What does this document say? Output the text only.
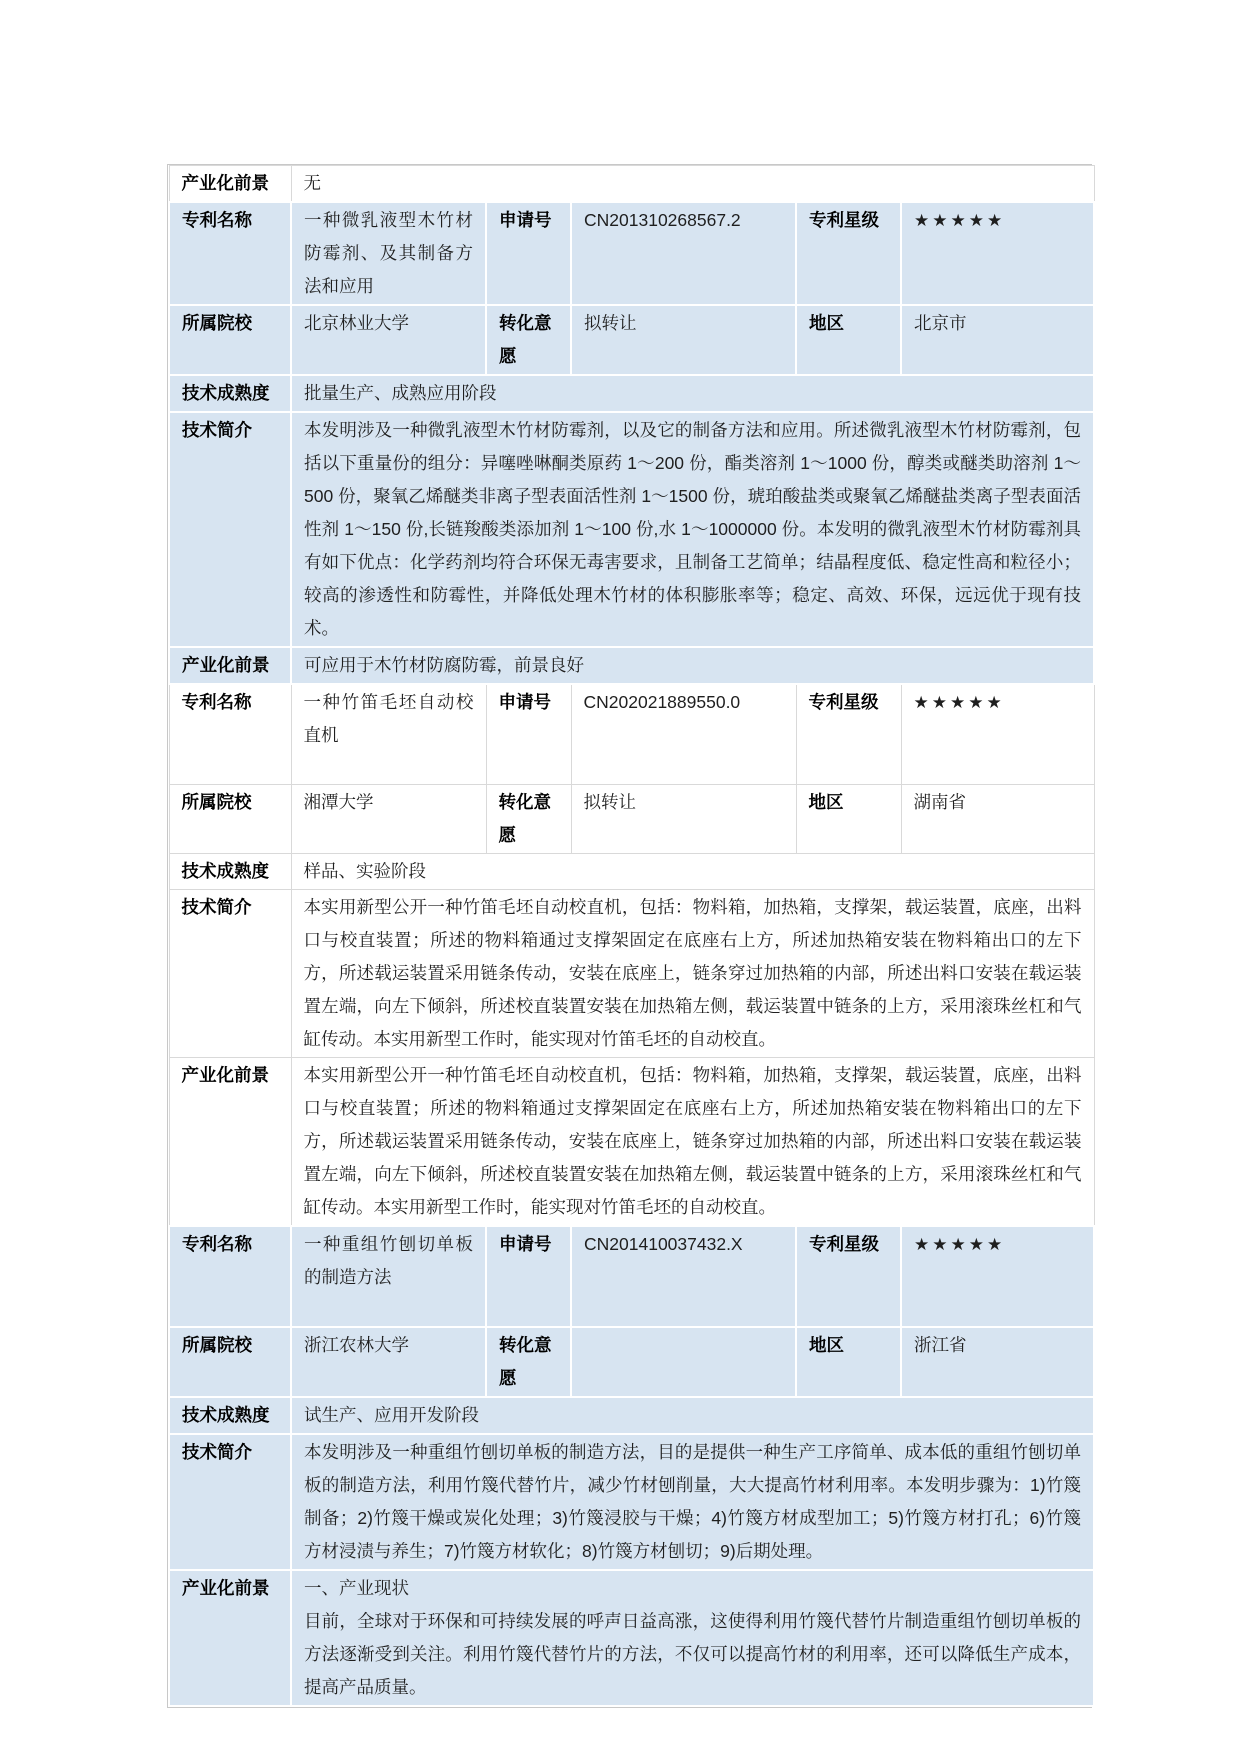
产业化前景	无				
专利名称	一种微乳液型木竹材防霉剂、及其制备方法和应用	申请号	CN201310268567.2	专利星级	★★★★★
所属院校	北京林业大学	转化意愿	拟转让	地区	北京市
技术成熟度	批量生产、成熟应用阶段				
技术简介	本发明涉及一种微乳液型木竹材防霉剂，以及它的制备方法和应用。所述微乳液型木竹材防霉剂，包括以下重量份的组分：异噻唑啉酮类原药 1～200 份，酯类溶剂 1～1000 份，醇类或醚类助溶剂 1～500 份，聚氧乙烯醚类非离子型表面活性剂 1～1500 份，琥珀酸盐类或聚氧乙烯醚盐类离子型表面活性剂 1～150 份,长链羧酸类添加剂 1～100 份,水 1～1000000 份。本发明的微乳液型木竹材防霉剂具有如下优点：化学药剂均符合环保无毒害要求，且制备工艺简单；结晶程度低、稳定性高和粒径小；较高的渗透性和防霉性，并降低处理木竹材的体积膨胀率等；稳定、高效、环保，远远优于现有技术。				
产业化前景	可应用于木竹材防腐防霉，前景良好				
专利名称	一种竹笛毛坯自动校直机	申请号	CN202021889550.0	专利星级	★★★★★
所属院校	湘潭大学	转化意愿	拟转让	地区	湖南省
技术成熟度	样品、实验阶段				
技术简介	本实用新型公开一种竹笛毛坯自动校直机，包括：物料箱，加热箱，支撑架，载运装置，底座，出料口与校直装置；所述的物料箱通过支撑架固定在底座右上方，所述加热箱安装在物料箱出口的左下方，所述载运装置采用链条传动，安装在底座上，链条穿过加热箱的内部，所述出料口安装在载运装置左端，向左下倾斜，所述校直装置安装在加热箱左侧，载运装置中链条的上方，采用滚珠丝杠和气缸传动。本实用新型工作时，能实现对竹笛毛坯的自动校直。				
产业化前景	本实用新型公开一种竹笛毛坯自动校直机，包括：物料箱，加热箱，支撑架，载运装置，底座，出料口与校直装置；所述的物料箱通过支撑架固定在底座右上方，所述加热箱安装在物料箱出口的左下方，所述载运装置采用链条传动，安装在底座上，链条穿过加热箱的内部，所述出料口安装在载运装置左端，向左下倾斜，所述校直装置安装在加热箱左侧，载运装置中链条的上方，采用滚珠丝杠和气缸传动。本实用新型工作时，能实现对竹笛毛坯的自动校直。				
专利名称	一种重组竹刨切单板的制造方法	申请号	CN201410037432.X	专利星级	★★★★★
所属院校	浙江农林大学	转化意愿		地区	浙江省
技术成熟度	试生产、应用开发阶段				
技术简介	本发明涉及一种重组竹刨切单板的制造方法，目的是提供一种生产工序简单、成本低的重组竹刨切单板的制造方法，利用竹篾代替竹片，减少竹材刨削量，大大提高竹材利用率。本发明步骤为：1)竹篾制备；2)竹篾干燥或炭化处理；3)竹篾浸胶与干燥；4)竹篾方材成型加工；5)竹篾方材打孔；6)竹篾方材浸渍与养生；7)竹篾方材软化；8)竹篾方材刨切；9)后期处理。				
产业化前景	一、产业现状
目前，全球对于环保和可持续发展的呼声日益高涨，这使得利用竹篾代替竹片制造重组竹刨切单板的方法逐渐受到关注。利用竹篾代替竹片的方法，不仅可以提高竹材的利用率，还可以降低生产成本，提高产品质量。				
